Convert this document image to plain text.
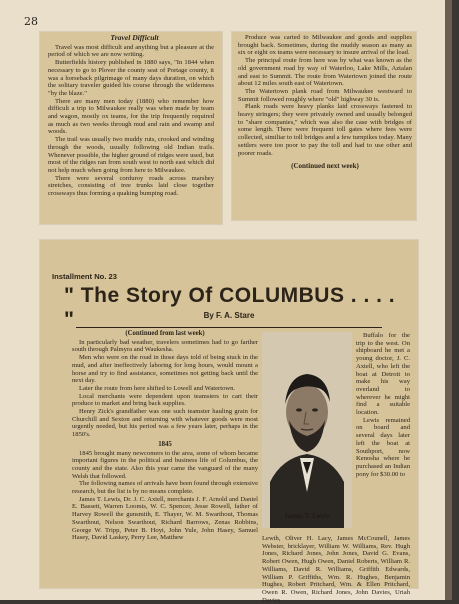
28

Travel Difficult

Travel was most difficult and anything but a pleasure at the period of which we are now writing.

Butterfields history published in 1880 says, "In 1844 when necessary to go to Plover the county seat of Portage county, it was a horseback pilgrimage of many days duration, on which the solitary traveler guided his course through the wilderness "by the blaze."

There are many men today (1880) who remember how difficult a trip to Milwaukee really was when made by team and wagon, mostly ox teams, for the trip frequently required as much as two weeks through mud and rain and swamp and woods.

The trail was usually two muddy ruts, crooked and winding through the woods, usually following old Indian trails. Whenever possible, the higher ground of ridges were used, but most of the ridges ran from south west to north east which did not help much when going from here to Milwaukee.

There were several corduroy roads across marshey stretches, consisting of tree trunks laid close together crossways thus forming a quaking bumping road.

Produce was carted to Milwaukee and goods and supplies brought back. Sometimes, during the muddy season as many as six or eight ox teams were necessary to insure arrival of the load.

The principal route from here was by what was known as the old government road by way of Waterloo, Lake Mills, Aztalan and east to Summit. The route from Watertown joined the route about 12 miles south east of Watertown.

The Watertown plank road from Milwaukee westward to Summit followed roughly where "old" highway 30 is.

Plank roads were heavy planks laid crossways fastened to heavy stringers; they were privately owned and usually belonged to "share companies," which was also the case with bridges of some length. There were frequent toll gates where fees were collected, similiar to toll bridges and a few turnpikes today. Many settlers were too poor to pay the toll and had to use other and poorer roads.

(Continued next week)

Installment No. 23
" The Story Of COLUMBUS . . . . "	By F. A. Stare

(Continued from last week)

In particularly bad weather, travelers sometimes had to go farther south through Palmyra and Waukesha.

Men who were on the road in those days told of being stuck in the mud, and after ineffectively laboring for long hours, would mount a horse and try to find assistance, sometimes not getting back until the next day.

Later the route from here shifted to Lowell and Watertown.

Local merchants were dependent upon teamsters to cart their produce to market and bring back supplies.

Henry Zick's grandfather was one such teamster hauling grain for Churchill and Sexton and returning with whatever goods were most urgently needed, but his period was a few years later, perhaps in the 1850's.

1845

1845 brought many newcomers to the area, some of whom became important figures in the political and business life of Columbus, the county and the state. Also this year came the vanguard of the many Welsh that followed.

The following names of arrivals have been found through extensive research, but the list is by no means complete.

James T. Lewis, Dr. J. C. Axtell, merchants J. F. Arnold and Daniel E. Bassett, Warren Loomis, W. C. Spencer, Jesse Rowell, father of Harvey Rowell the gunsmith, E. Thayer, W. M. Swarthout, Thomas Swarthout, Nelson Swarthout, Richard Barrows, Zenas Robbins, George W. Tripp, Peter B. Hoyt, John Yule, John Hasey, Samuel Hasey, David Laskey, Perry Lee, Matthew

James T. Lewis

Buffalo for the trip to the west. On shipboard he met a young doctor, J. C. Axtell, who left the boat at Detroit to make his way overland to wherever he might find a suitable location.

Lewis remained on board and several days later left the boat at Southport, now Kenosha where he purchased an Indian pony for $30.00 to

Lewth, Oliver H. Lacy, James McCounell, James Webster, bricklayer, William W. Williams, Rev. Hugh Jones, Richard Jones, John Jones, David G. Evans, Robert Owen, Hugh Owen, Daniel Roberts, William R. Williams, David R. Williams, Griffith Edwards, William P. Griffiths, Wm. R. Hughes, Benjamin Hughes, Robert Pritchard, Wm. & Ellen Pritchard, Owen R. Owen, Richard Jones, John Davies, Uriah Davies.
